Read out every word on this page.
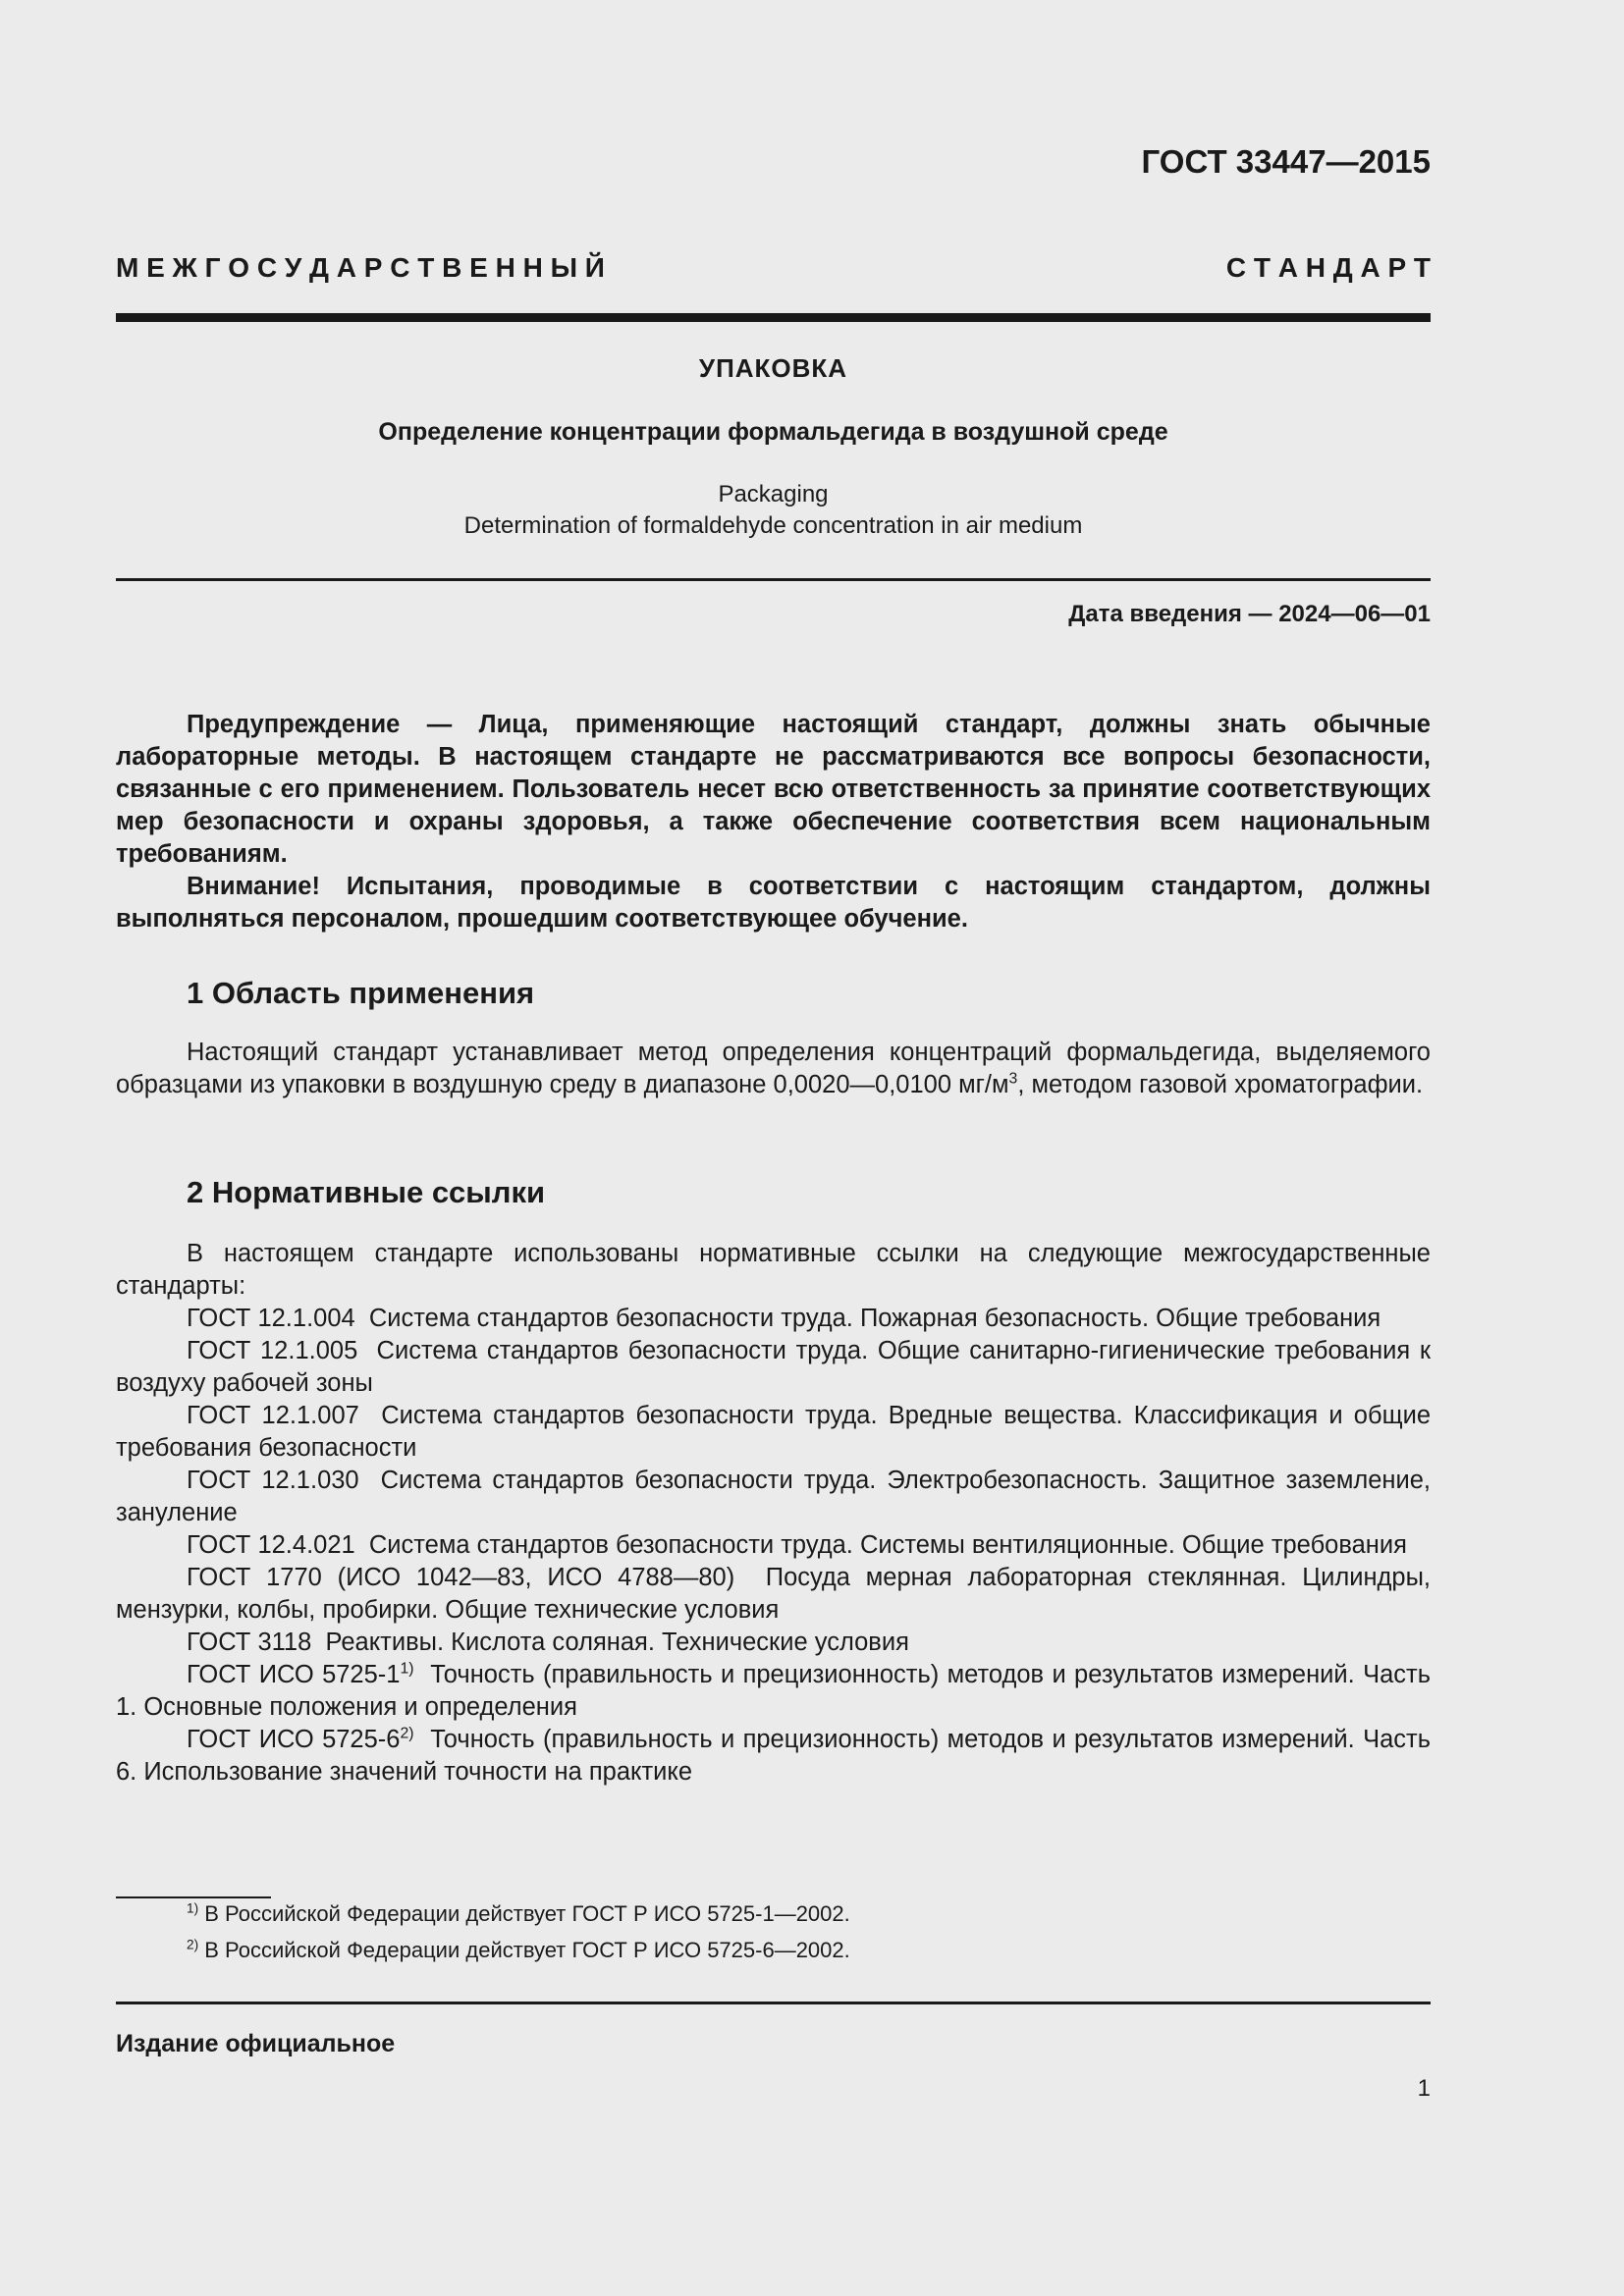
ГОСТ 33447—2015
М Е Ж Г О С У Д А Р С Т В Е Н Н Ы Й	С Т А Н Д А Р Т
УПАКОВКА
Определение концентрации формальдегида в воздушной среде
Packaging
Determination of formaldehyde concentration in air medium
Дата введения — 2024—06—01

Предупреждение — Лица, применяющие настоящий стандарт, должны знать обычные лабораторные методы. В настоящем стандарте не рассматриваются все вопросы безопасности, связанные с его применением. Пользователь несет всю ответственность за принятие соответствующих мер безопасности и охраны здоровья, а также обеспечение соответствия всем национальным требованиям.

Внимание! Испытания, проводимые в соответствии с настоящим стандартом, должны выполняться персоналом, прошедшим соответствующее обучение.

1 Область применения

Настоящий стандарт устанавливает метод определения концентраций формальдегида, выделяемого образцами из упаковки в воздушную среду в диапазоне 0,0020—0,0100 $мг/м^3$, методом газовой хроматографии.

2 Нормативные ссылки

В настоящем стандарте использованы нормативные ссылки на следующие межгосударственные стандарты:

ГОСТ 12.1.004 Система стандартов безопасности труда. Пожарная безопасность. Общие требования

ГОСТ 12.1.005 Система стандартов безопасности труда. Общие санитарно-гигиенические требования к воздуху рабочей зоны

ГОСТ 12.1.007 Система стандартов безопасности труда. Вредные вещества. Классификация и общие требования безопасности

ГОСТ 12.1.030 Система стандартов безопасности труда. Электробезопасность. Защитное заземление, зануление

ГОСТ 12.4.021 Система стандартов безопасности труда. Системы вентиляционные. Общие требования

ГОСТ 1770 (ИСО 1042—83, ИСО 4788—80) Посуда мерная лабораторная стеклянная. Цилиндры, мензурки, колбы, пробирки. Общие технические условия

ГОСТ 3118 Реактивы. Кислота соляная. Технические условия

ГОСТ ИСО 5725-1$^{1)}$ Точность (правильность и прецизионность) методов и результатов измерений. Часть 1. Основные положения и определения

ГОСТ ИСО 5725-6$^{2)}$ Точность (правильность и прецизионность) методов и результатов измерений. Часть 6. Использование значений точности на практике

$^{1)}$ В Российской Федерации действует ГОСТ Р ИСО 5725-1—2002.
$^{2)}$ В Российской Федерации действует ГОСТ Р ИСО 5725-6—2002.
Издание официальное
1
